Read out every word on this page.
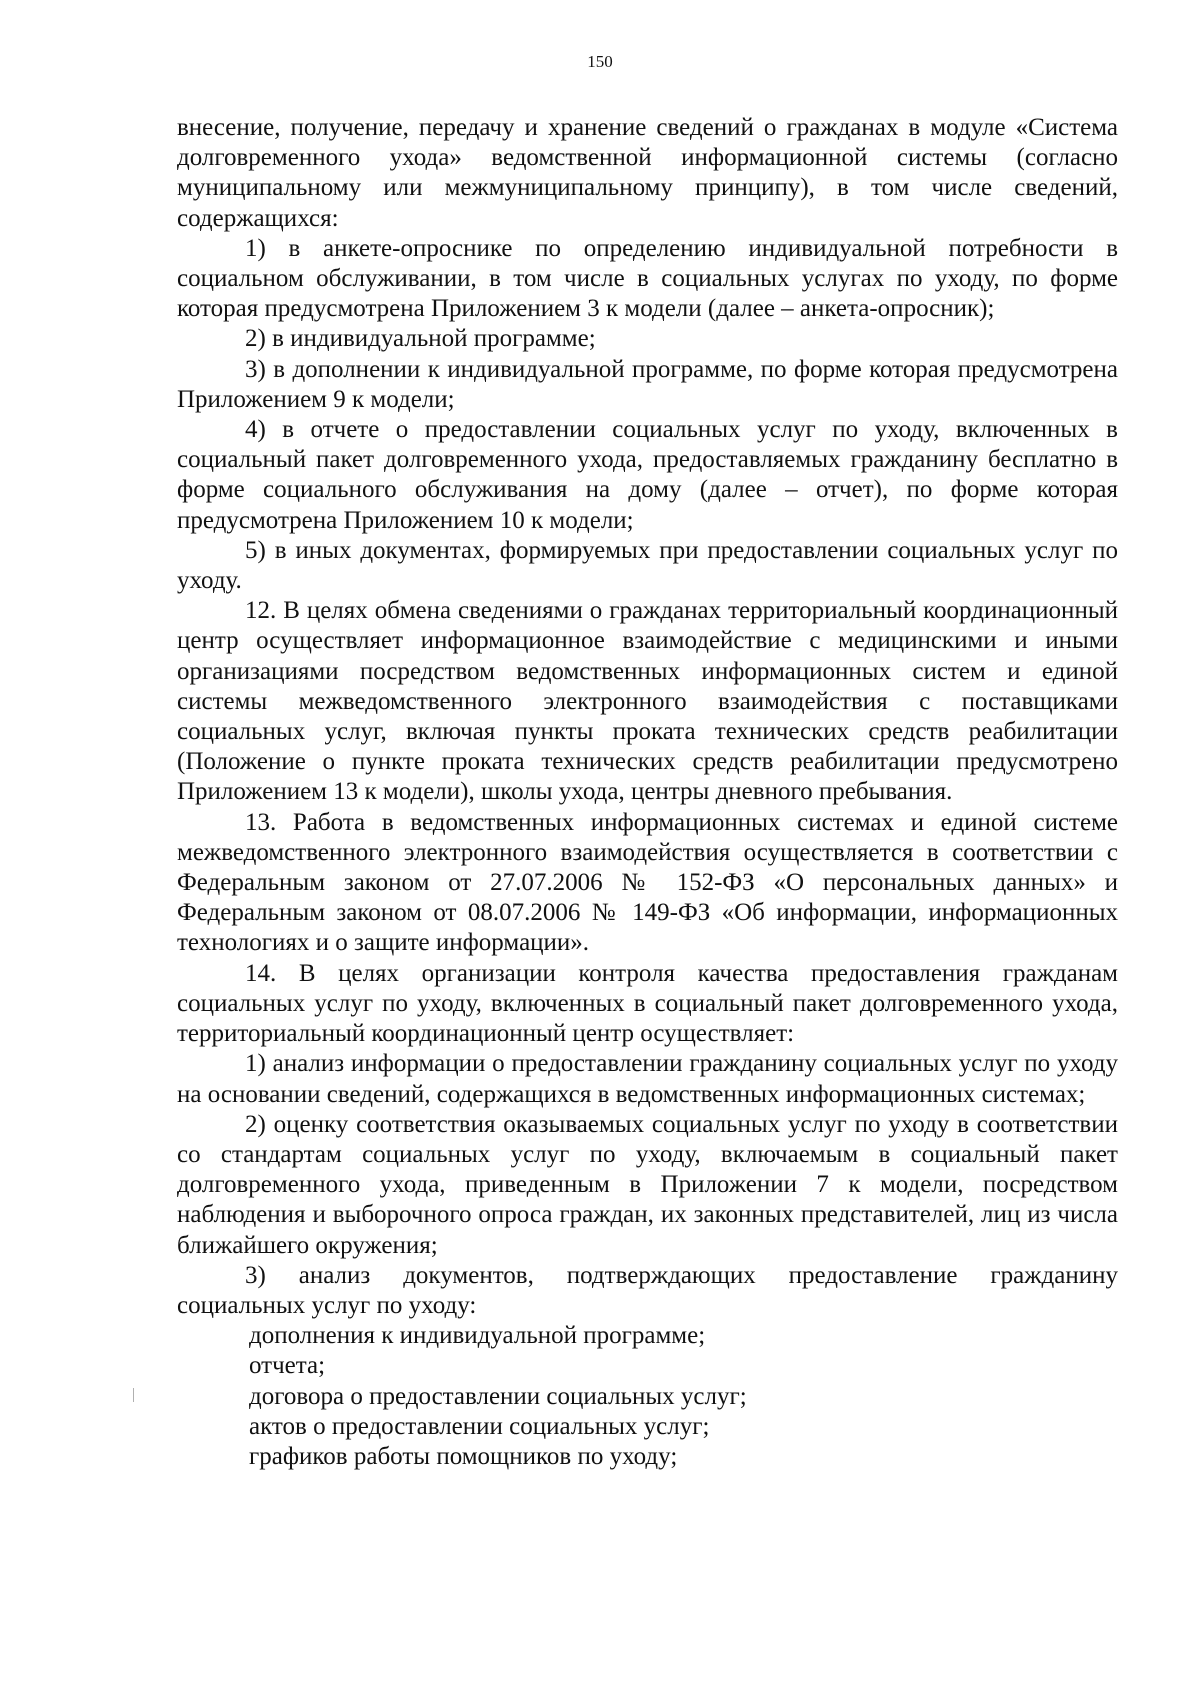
150

внесение, получение, передачу и хранение сведений о гражданах в модуле «Система долговременного ухода» ведомственной информационной системы (согласно муниципальному или межмуниципальному принципу), в том числе сведений, содержащихся:

1) в анкете-опроснике по определению индивидуальной потребности в социальном обслуживании, в том числе в социальных услугах по уходу, по форме которая предусмотрена Приложением 3 к модели (далее – анкета-опросник);

2) в индивидуальной программе;

3) в дополнении к индивидуальной программе, по форме которая предусмотрена Приложением 9 к модели;

4) в отчете о предоставлении социальных услуг по уходу, включенных в социальный пакет долговременного ухода, предоставляемых гражданину бесплатно в форме социального обслуживания на дому (далее – отчет), по форме которая предусмотрена Приложением 10 к модели;

5) в иных документах, формируемых при предоставлении социальных услуг по уходу.

12. В целях обмена сведениями о гражданах территориальный координационный центр осуществляет информационное взаимодействие с медицинскими и иными организациями посредством ведомственных информационных систем и единой системы межведомственного электронного взаимодействия с поставщиками социальных услуг, включая пункты проката технических средств реабилитации (Положение о пункте проката технических средств реабилитации предусмотрено Приложением 13 к модели), школы ухода, центры дневного пребывания.

13. Работа в ведомственных информационных системах и единой системе межведомственного электронного взаимодействия осуществляется в соответствии с Федеральным законом от 27.07.2006 № 152-ФЗ «О персональных данных» и Федеральным законом от 08.07.2006 № 149-ФЗ «Об информации, информационных технологиях и о защите информации».

14. В целях организации контроля качества предоставления гражданам социальных услуг по уходу, включенных в социальный пакет долговременного ухода, территориальный координационный центр осуществляет:

1) анализ информации о предоставлении гражданину социальных услуг по уходу на основании сведений, содержащихся в ведомственных информационных системах;

2) оценку соответствия оказываемых социальных услуг по уходу в соответствии со стандартам социальных услуг по уходу, включаемым в социальный пакет долговременного ухода, приведенным в Приложении 7 к модели, посредством наблюдения и выборочного опроса граждан, их законных представителей, лиц из числа ближайшего окружения;

3) анализ документов, подтверждающих предоставление гражданину социальных услуг по уходу:

дополнения к индивидуальной программе;

отчета;

договора о предоставлении социальных услуг;

актов о предоставлении социальных услуг;

графиков работы помощников по уходу;
